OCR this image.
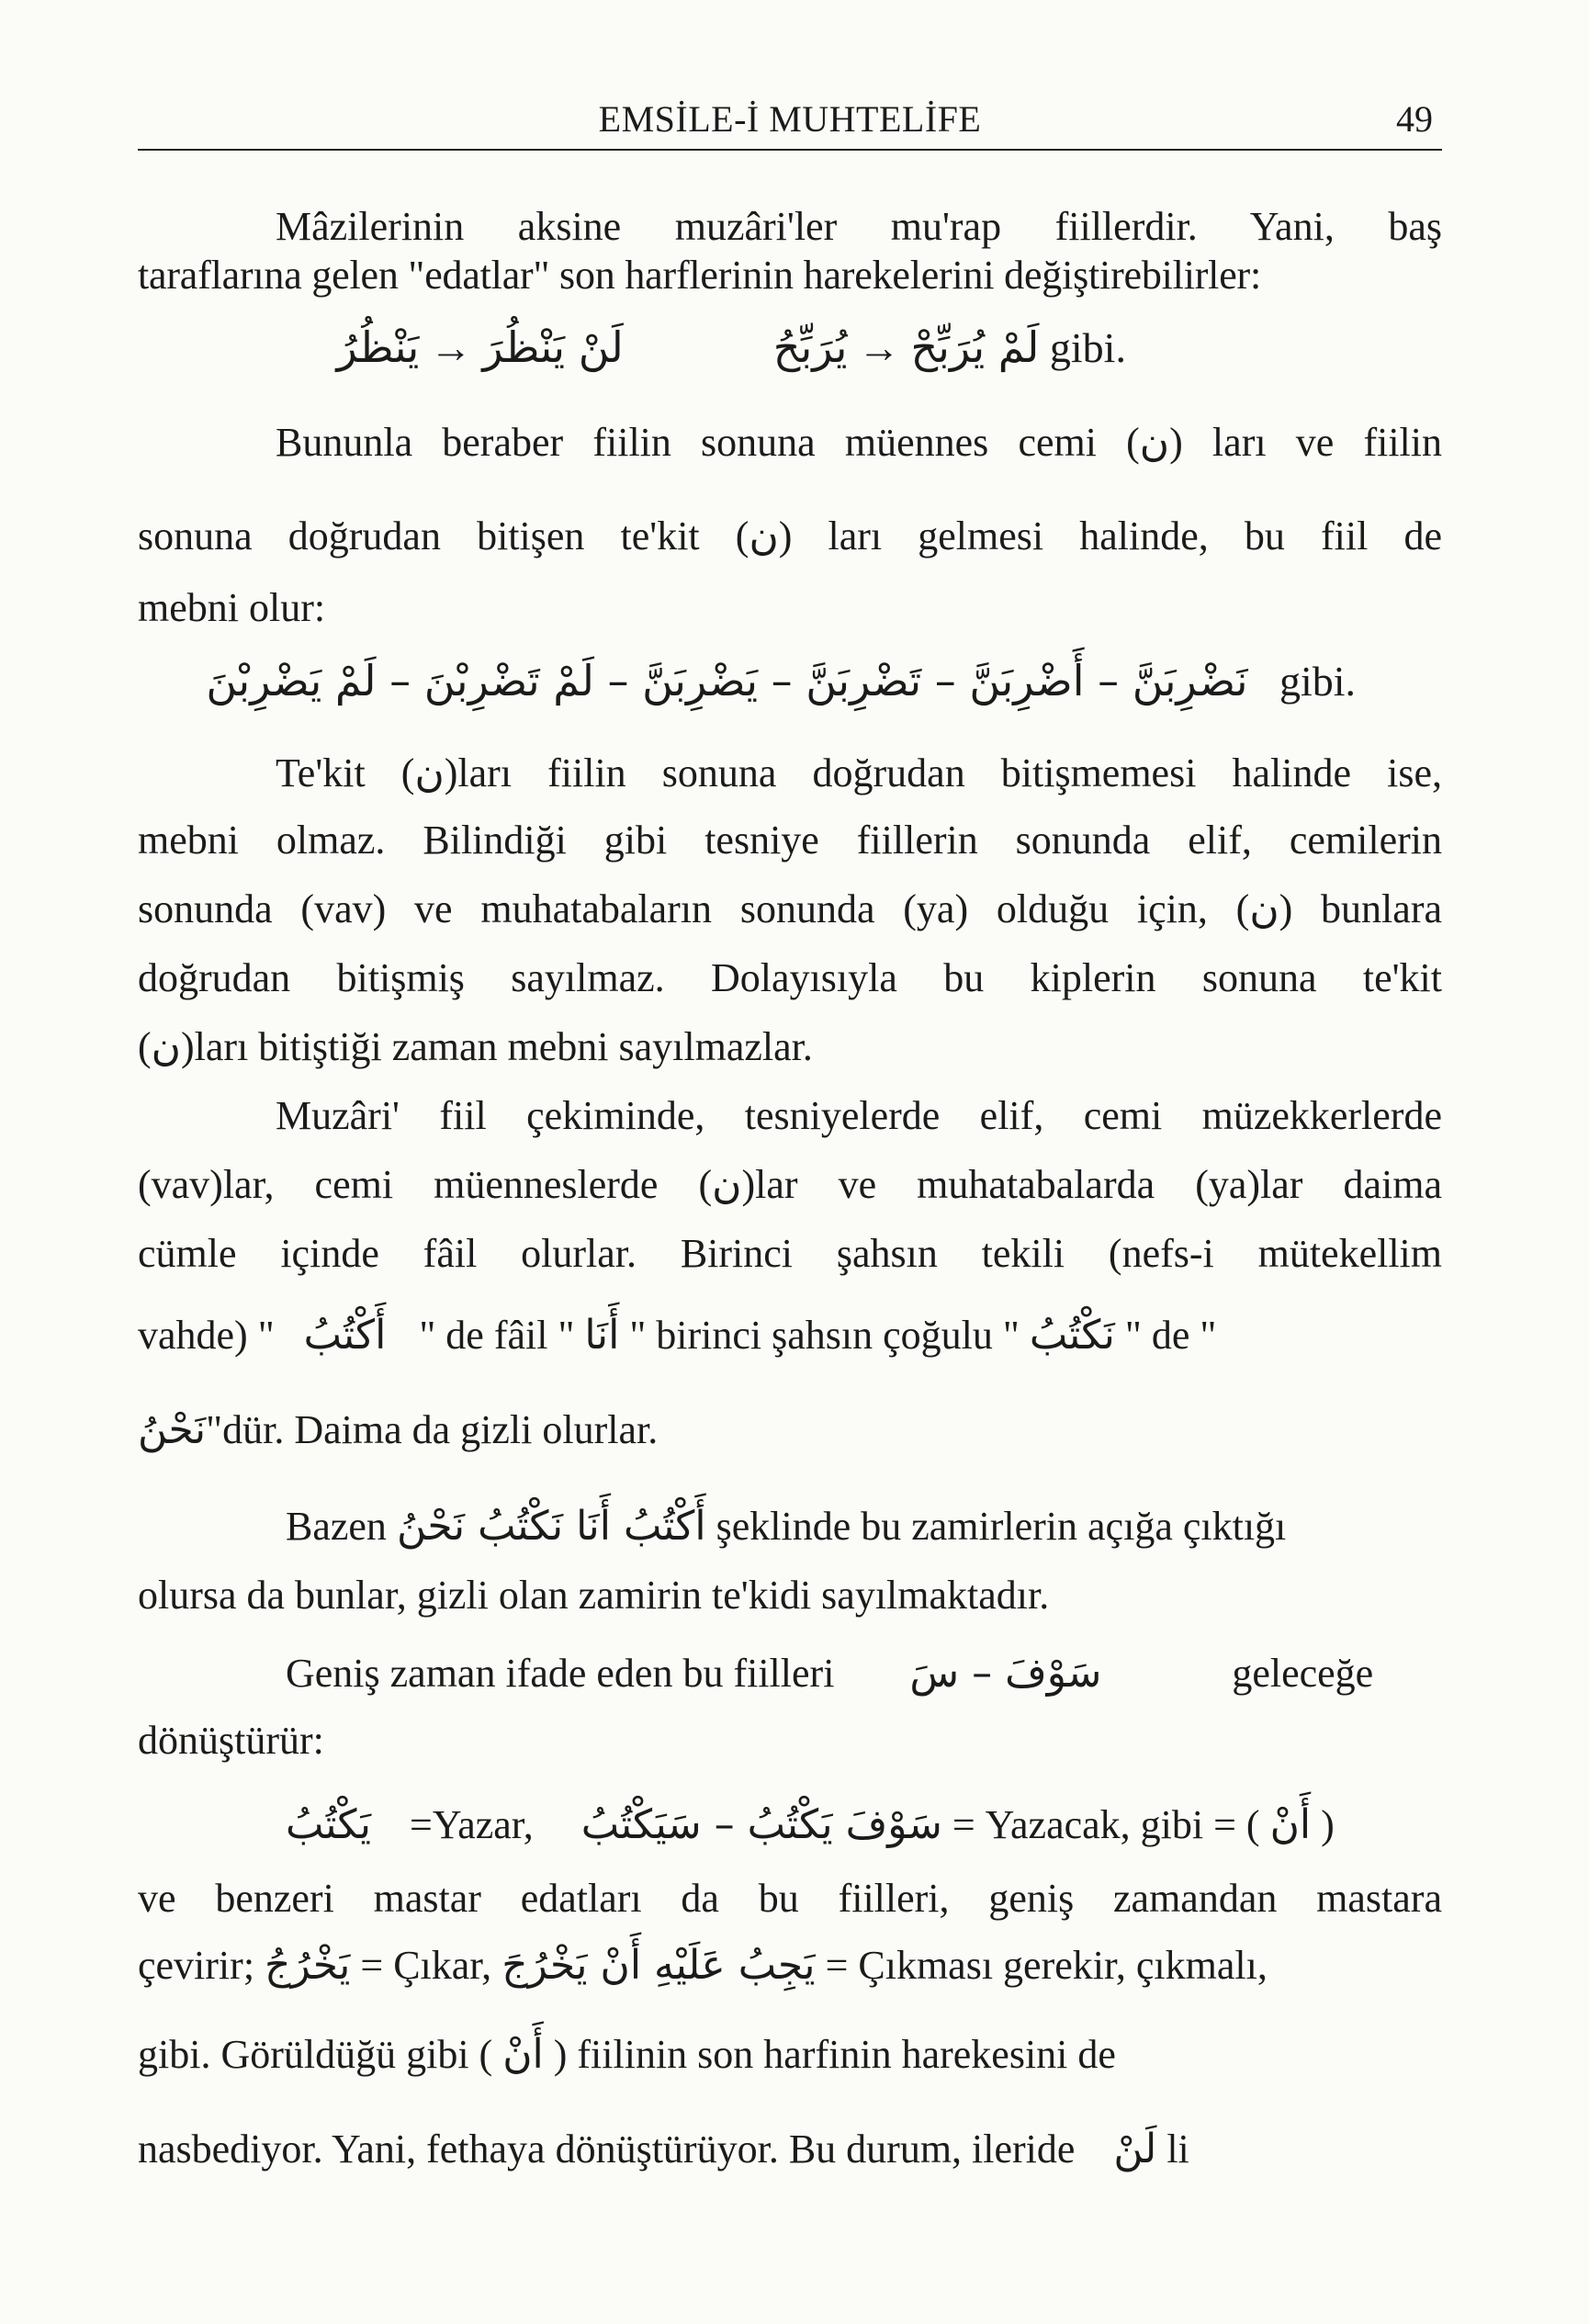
EMSİLE-İ MUHTELİFE	49
Mâzilerinin aksine muzâri'ler mu'rap fiillerdir. Yani, baş
taraflarına gelen "edatlar" son harflerinin harekelerini değiştirebilirler:
يَنْظُرُ → لَنْ يَنْظُرَ	يُرَبِّحُ → لَمْ يُرَبِّحْ gibi.
Bununla beraber fiilin sonuna müennes cemi (ن) ları ve fiilin
sonuna doğrudan bitişen te'kit (ن) ları gelmesi halinde, bu fiil de
mebni olur:
نَضْرِبَنَّ – أَضْرِبَنَّ – تَضْرِبَنَّ – يَضْرِبَنَّ – لَمْ تَضْرِبْنَ – لَمْ يَضْرِبْنَ gibi.
Te'kit (ن)ları fiilin sonuna doğrudan bitişmemesi halinde ise,
mebni olmaz. Bilindiği gibi tesniye fiillerin sonunda elif, cemilerin
sonunda (vav) ve muhatabaların sonunda (ya) olduğu için, (ن) bunlara
doğrudan bitişmiş sayılmaz. Dolayısıyla bu kiplerin sonuna te'kit
(ن)ları bitiştiği zaman mebni sayılmazlar.
Muzâri' fiil çekiminde, tesniyelerde elif, cemi müzekkerlerde
(vav)lar, cemi müenneslerde (ن)lar ve muhatabalarda (ya)lar daima
cümle içinde fâil olurlar. Birinci şahsın tekili (nefs-i mütekellim
vahde) " أَكْتُبُ " de fâil " أَنَا " birinci şahsın çoğulu " نَكْتُبُ " de "
نَحْنُ"dür. Daima da gizli olurlar.
Bazen أَكْتُبُ أَنَا نَكْتُبُ نَحْنُ şeklinde bu zamirlerin açığa çıktığı
olursa da bunlar, gizli olan zamirin te'kidi sayılmaktadır.
Geniş zaman ifade eden bu fiilleri سَوْفَ – سَ	geleceğe
dönüştürür:
يَكْتُبُ =Yazar, سَوْفَ يَكْتُبُ – سَيَكْتُبُ = Yazacak, gibi = ( أَنْ )
ve benzeri mastar edatları da bu fiilleri, geniş zamandan mastara
çevirir; يَخْرُجُ = Çıkar, يَجِبُ عَلَيْهِ أَنْ يَخْرُجَ = Çıkması gerekir, çıkmalı,
gibi. Görüldüğü gibi ( أَنْ ) fiilinin son harfinin harekesini de
nasbediyor. Yani, fethaya dönüştürüyor. Bu durum, ileride لَنْ li
